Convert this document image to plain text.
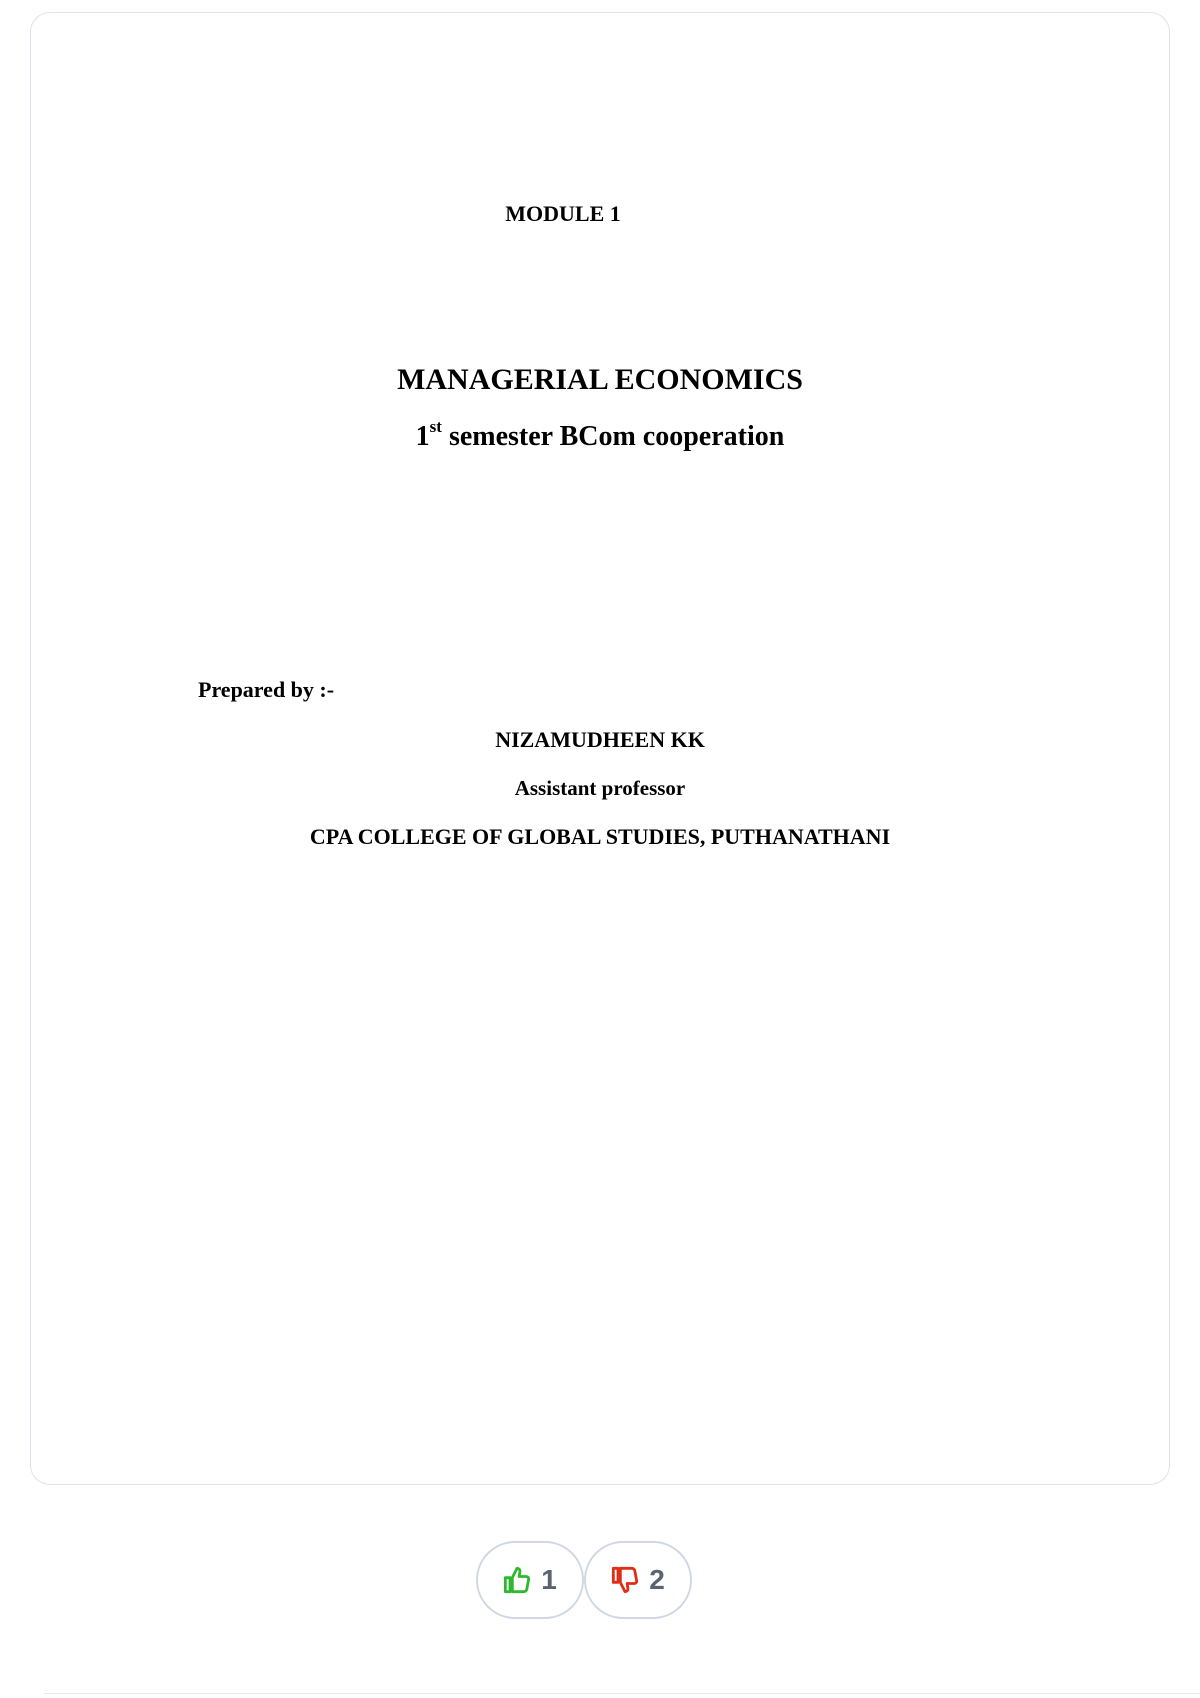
MODULE 1

MANAGERIAL ECONOMICS

1st semester BCom cooperation

Prepared by :-

NIZAMUDHEEN KK

Assistant professor

CPA COLLEGE OF GLOBAL STUDIES, PUTHANATHANI

1	2
